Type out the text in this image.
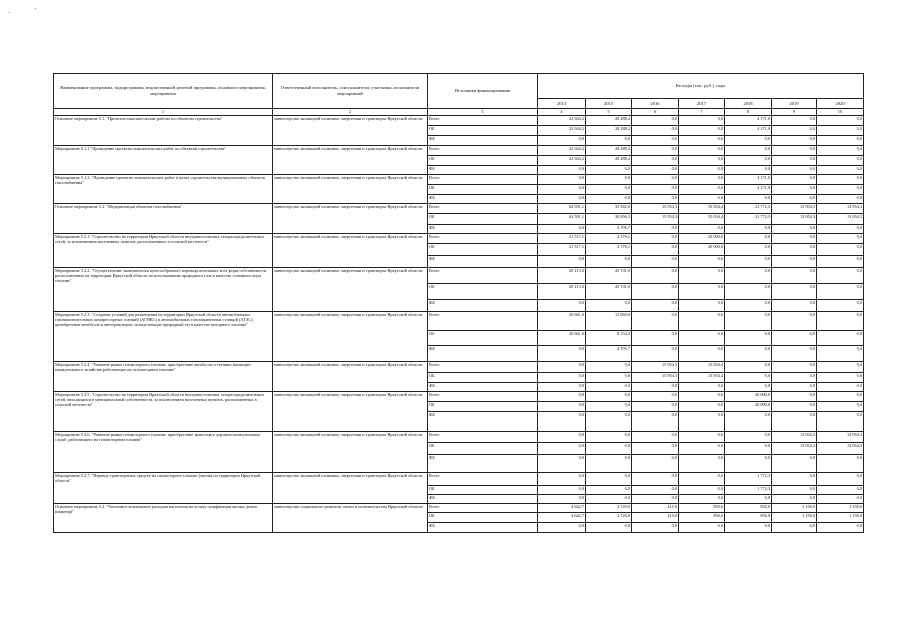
Наименование программы, подпрограммы, ведомственной целевой программы, основного мероприятия, мероприятия	Ответственный исполнитель, соисполнители, участники, исполнители мероприятий	Источники финансирования	Расходы (тыс. руб.), годы						
			2014	2015	2016	2017	2018	2019	2020
1	2	3	4	5	6	7	8	9	10
Основное мероприятие 5.1. "Проектно-изыскательские работы по объектам строительства"	министерство жилищной политики, энергетики и транспорта Иркутской области	Всего	22 944,2	28 288,2	0,0	0,0	4 171,0	0,0	0,0
		ОБ	22 944,2	28 288,2	0,0	0,0	4 171,0	0,0	0,0
		ФБ	0,0	0,0	0,0	0,0	0,0	0,0	0,0
Мероприятие 5.1.1 "Проведение проектно-изыскательских работ по объектам строительства"	министерство жилищной политики, энергетики и транспорта Иркутской области	Всего	22 944,2	28 288,2	0,0	0,0	0,0	0,0	0,0
		ОБ	22 944,2	28 288,2	0,0	0,0	0,0	0,0	0,0
		ФБ	0,0	0,0	0,0	0,0	0,0	0,0	0,0
Мероприятие 5.1.2. "Проведение проектно-изыскательских работ в целях строительства муниципальных объектов газоснабжения"	министерство жилищной политики, энергетики и транспорта Иркутской области	Всего	0,0	0,0	0,0	0,0	4 171,0	0,0	0,0
		ОБ	0,0	0,0	0,0	0,0	4 171,0	0,0	0,0
		ФБ	0,0	0,0	0,0	0,0	0,0	0,0	0,0
Основное мероприятие 5.2. "Модернизация объектов газоснабжения"	министерство жилищной политики, энергетики и транспорта Иркутской области	Всего	62 591,1	35 562,0	15 954,3	35 054,4	21 772,3	13 954,3	13 954,3
		ОБ	62 591,1	30 856,3	15 954,3	35 054,4	21 772,3	13 954,3	13 954,3
		ФБ	0,0	4 705,7	0,0	0,0	0,0	0,0	0,0
Мероприятие 5.2.1. "Строительство на территории Иркутской области внутрипоселковых газораспределительных сетей, за исключением населенных пунктов, расположенных в сельской местности"	министерство жилищной политики, энергетики и транспорта Иркутской области	Всего	21 517,1	2 570,1	0,0	20 000,0	0,0	0,0	0,0
		ОБ	21 517,1	2 570,1	0,0	20 000,0	0,0	0,0	0,0
		ФБ	0,0	0,0	0,0	0,0	0,0	0,0	0,0
Мероприятие 5.2.2. "Осуществление экономически целесообразного перевода котельных всех форм собственности, расположенных на территории Иркутской области на использование природного газа в качестве основного вида топлива"	министерство жилищной политики, энергетики и транспорта Иркутской области	Всего	20 413,0	20 131,9	0,0	0,0	0,0	0,0	0,0
		ОБ	20 413,0	20 131,9	0,0	0,0	0,0	0,0	0,0
		ФБ	0,0	0,0	0,0	0,0	0,0	0,0	0,0
Мероприятие 5.2.3. "Создание условий для размещения на территории Иркутской области автомобильных газонаполнительных компрессорных станций (АГНКС) и автомобильных газозаправочных станций (АГЗС), приобретение автобусов и автотранспорта, использующих природный газ в качестве моторного топлива"	министерство жилищной политики, энергетики и транспорта Иркутской области	Всего	20 661,0	12 860,0	0,0	0,0	0,0	0,0	0,0
		Об	20 661,0	8 154,3	0,0	0,0	0,0	0,0	0,0
		ФБ	0,0	4 705,7	0,0	0,0	0,0	0,0	0,0
Мероприятие 5.2.4. "Развитие рынка газомоторного топлива: приобретение автобусов и техники жилищно-коммунального хозяйства работающих на газомоторном топливе"	министерство жилищной политики, энергетики и транспорта Иркутской области	Всего	0,0	0,0	15 954,3	15 054,4	0,0	0,0	0,0
		ОБ	0,0	0,0	15 954,3	15 054,4	0,0	0,0	0,0
		ФБ	0,0	0,0	0,0	0,0	0,0	0,0	0,0
Мероприятие 5.2.5. "Строительство на территории Иркутской области внутрипоселковых газораспределительных сетей, находящихся в муниципальной собственности, за исключением населенных пунктов, расположенных в сельской местности"	министерство жилищной политики, энергетики и транспорта Иркутской области	Всего	0,0	0,0	0,0	0,0	20 000,0	0,0	0,0
		ОБ	0,0	0,0	0,0	0,0	20 000,0	0,0	0,0
		ФБ	0,0	0,0	0,0	0,0	0,0	0,0	0,0
Мероприятие 5.2.6. "Развитие рынка газомоторного топлива: приобретение транспорта дорожно-коммунальных служб, работающего на газомоторном топливе"	министерство жилищной политики, энергетики и транспорта Иркутской области	Всего	0,0	0,0	0,0	0,0	0,0	13 954,3	13 954,3
		ОБ	0,0	0,0	0,0	0,0	0,0	13 954,3	13 954,3
		ФБ	0,0	0,0	0,0	0,0	0,0	0,0	0,0
Мероприятие 5.2.7. "Перевод транспортных средств на газомоторное топливо (метан) на территории Иркутской области"	министерство жилищной политики, энергетики и транспорта Иркутской области	Всего	0,0	0,0	0,0	0,0	1 772,3	0,0	0,0
		ОБ	0,0	0,0	0,0	0,0	1 772,3	0,0	0,0
		ФБ	0,0	0,0	0,0	0,0	0,0	0,0	0,0
Основное мероприятие 5.3. "Частичное возмещение расходов населения на оплату газификации жилых домов (квартир)"	министерство социального развития, опеки и попечительства Иркутской области	Всего	4 642,7	2 720,0	415,0	850,0	850,0	1 150,0	1 150,0
		ОБ	4 642,7	2 720,0	415,0	850,0	850,0	1 150,0	1 150,0
		ФБ	0,0	0,0	0,0	0,0	0,0	0,0	0,0
